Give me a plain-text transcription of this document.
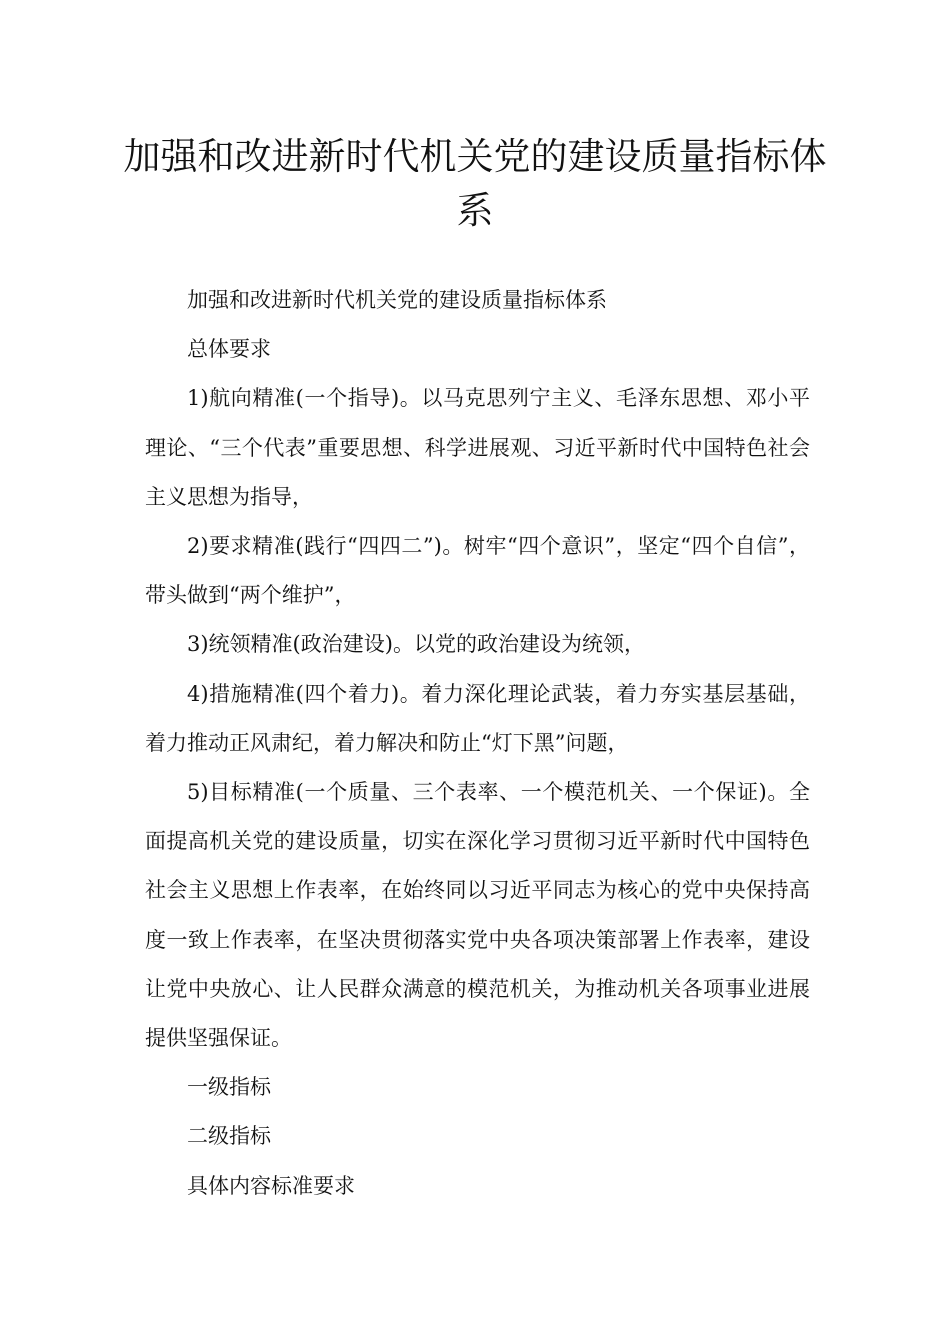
加强和改进新时代机关党的建设质量指标体系

加强和改进新时代机关党的建设质量指标体系

总体要求

1)航向精准(一个指导)。以马克思列宁主义、毛泽东思想、邓小平理论、“三个代表”重要思想、科学进展观、习近平新时代中国特色社会主义思想为指导，

2)要求精准(践行“四四二”)。树牢“四个意识”，坚定“四个自信”，带头做到“两个维护”，

3)统领精准(政治建设)。以党的政治建设为统领，

4)措施精准(四个着力)。着力深化理论武装，着力夯实基层基础，着力推动正风肃纪，着力解决和防止“灯下黑”问题，

5)目标精准(一个质量、三个表率、一个模范机关、一个保证)。全面提高机关党的建设质量，切实在深化学习贯彻习近平新时代中国特色社会主义思想上作表率，在始终同以习近平同志为核心的党中央保持高度一致上作表率，在坚决贯彻落实党中央各项决策部署上作表率，建设让党中央放心、让人民群众满意的模范机关，为推动机关各项事业进展提供坚强保证。

一级指标

二级指标

具体内容标准要求
